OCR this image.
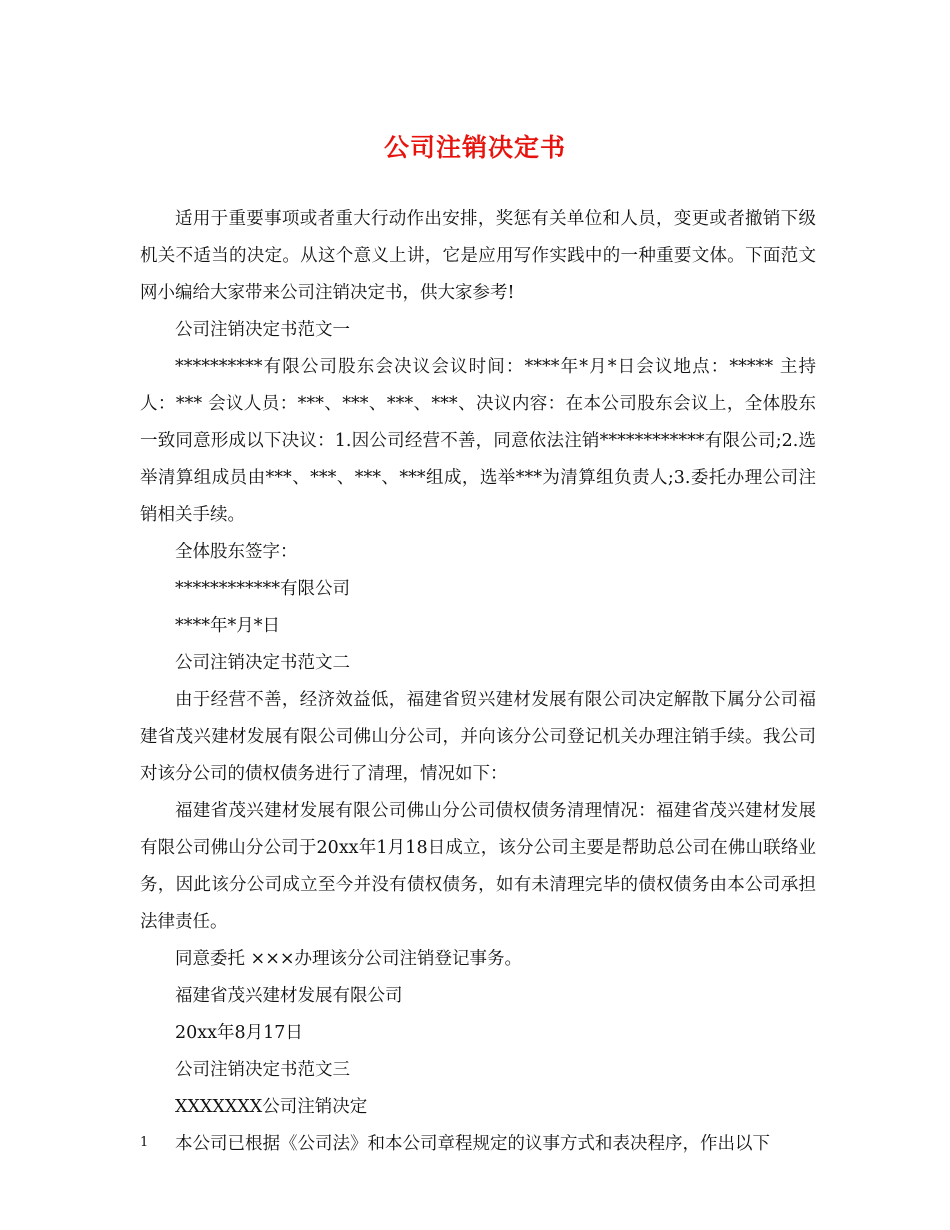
公司注销决定书

适用于重要事项或者重大行动作出安排，奖惩有关单位和人员，变更或者撤销下级机关不适当的决定。从这个意义上讲，它是应用写作实践中的一种重要文体。下面范文网小编给大家带来公司注销决定书，供大家参考!

公司注销决定书范文一

**********有限公司股东会决议会议时间：****年*月*日会议地点：***** 主持人：*** 会议人员：***、***、***、***、决议内容：在本公司股东会议上，全体股东一致同意形成以下决议：1.因公司经营不善，同意依法注销************有限公司;2.选举清算组成员由***、***、***、***组成，选举***为清算组负责人;3.委托办理公司注销相关手续。

全体股东签字：

************有限公司

****年*月*日

公司注销决定书范文二

由于经营不善，经济效益低，福建省贸兴建材发展有限公司决定解散下属分公司福建省茂兴建材发展有限公司佛山分公司，并向该分公司登记机关办理注销手续。我公司对该分公司的债权债务进行了清理，情况如下：

福建省茂兴建材发展有限公司佛山分公司债权债务清理情况：福建省茂兴建材发展有限公司佛山分公司于20xx年1月18日成立，该分公司主要是帮助总公司在佛山联络业务，因此该分公司成立至今并没有债权债务，如有未清理完毕的债权债务由本公司承担法律责任。

同意委托 ×××办理该分公司注销登记事务。

福建省茂兴建材发展有限公司

20xx年8月17日

公司注销决定书范文三

XXXXXXX公司注销决定

本公司已根据《公司法》和本公司章程规定的议事方式和表决程序，作出以下

1
